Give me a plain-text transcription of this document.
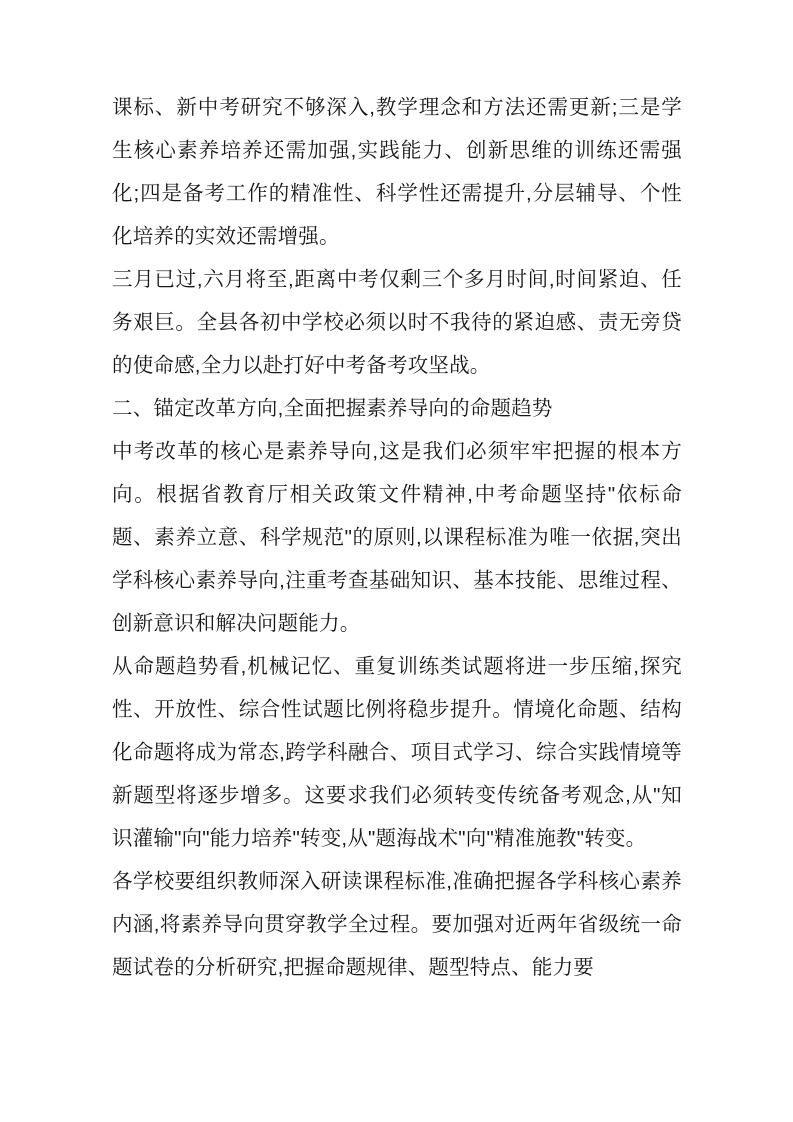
课标、新中考研究不够深入,教学理念和方法还需更新;三是学生核心素养培养还需加强,实践能力、创新思维的训练还需强化;四是备考工作的精准性、科学性还需提升,分层辅导、个性化培养的实效还需增强。

三月已过,六月将至,距离中考仅剩三个多月时间,时间紧迫、任务艰巨。全县各初中学校必须以时不我待的紧迫感、责无旁贷的使命感,全力以赴打好中考备考攻坚战。

二、锚定改革方向,全面把握素养导向的命题趋势

中考改革的核心是素养导向,这是我们必须牢牢把握的根本方向。根据省教育厅相关政策文件精神,中考命题坚持"依标命题、素养立意、科学规范"的原则,以课程标准为唯一依据,突出学科核心素养导向,注重考查基础知识、基本技能、思维过程、创新意识和解决问题能力。

从命题趋势看,机械记忆、重复训练类试题将进一步压缩,探究性、开放性、综合性试题比例将稳步提升。情境化命题、结构化命题将成为常态,跨学科融合、项目式学习、综合实践情境等新题型将逐步增多。这要求我们必须转变传统备考观念,从"知识灌输"向"能力培养"转变,从"题海战术"向"精准施教"转变。

各学校要组织教师深入研读课程标准,准确把握各学科核心素养内涵,将素养导向贯穿教学全过程。要加强对近两年省级统一命题试卷的分析研究,把握命题规律、题型特点、能力要
